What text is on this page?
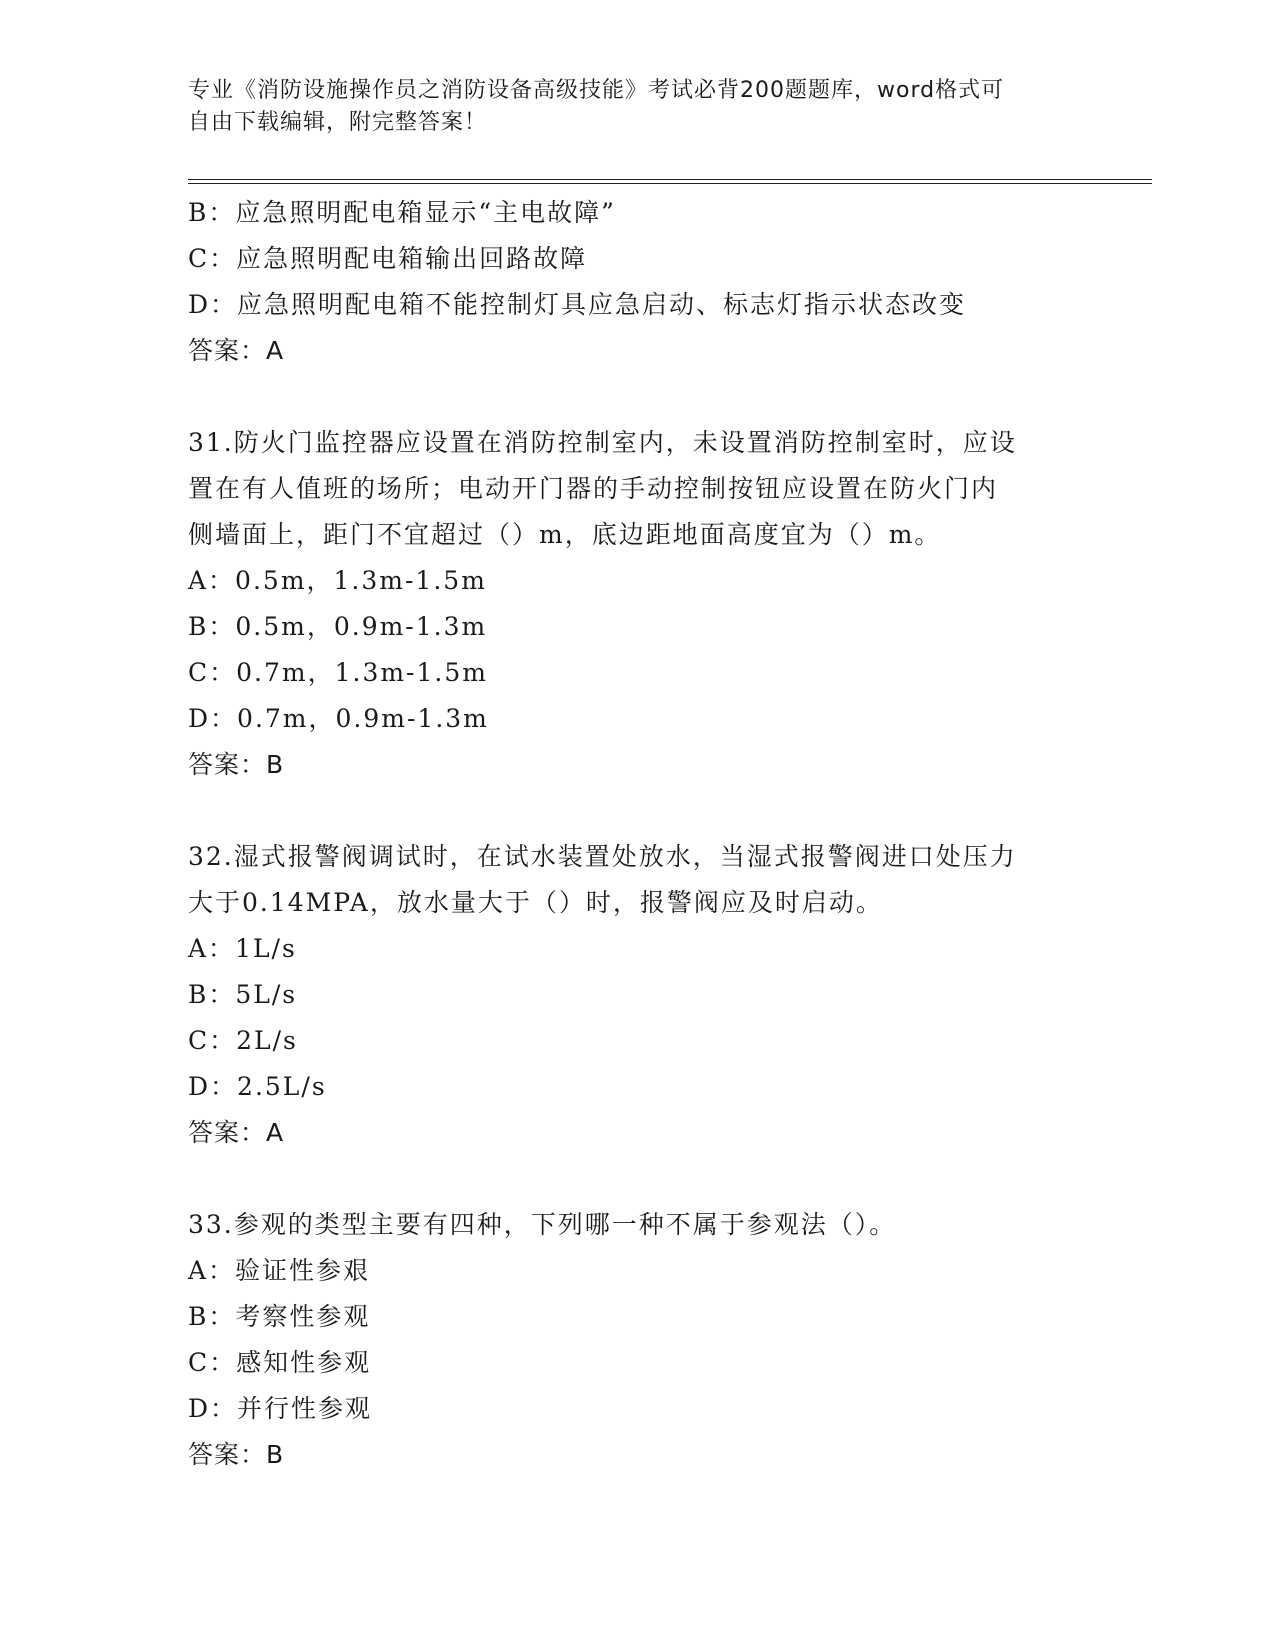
专业《消防设施操作员之消防设备高级技能》考试必背200题题库，word格式可
自由下载编辑，附完整答案！
B：应急照明配电箱显示“主电故障”
C：应急照明配电箱输出回路故障
D：应急照明配电箱不能控制灯具应急启动、标志灯指示状态改变
答案：A
31.防火门监控器应设置在消防控制室内，未设置消防控制室时，应设
置在有人值班的场所；电动开门器的手动控制按钮应设置在防火门内
侧墙面上，距门不宜超过（）m，底边距地面高度宜为（）m。
A：0.5m，1.3m-1.5m
B：0.5m，0.9m-1.3m
C：0.7m，1.3m-1.5m
D：0.7m，0.9m-1.3m
答案：B
32.湿式报警阀调试时，在试水装置处放水，当湿式报警阀进口处压力
大于0.14MPA，放水量大于（）时，报警阀应及时启动。
A：1L/s
B：5L/s
C：2L/s
D：2.5L/s
答案：A
33.参观的类型主要有四种，下列哪一种不属于参观法（）。
A：验证性参艰
B：考察性参观
C：感知性参观
D：并行性参观
答案：B
